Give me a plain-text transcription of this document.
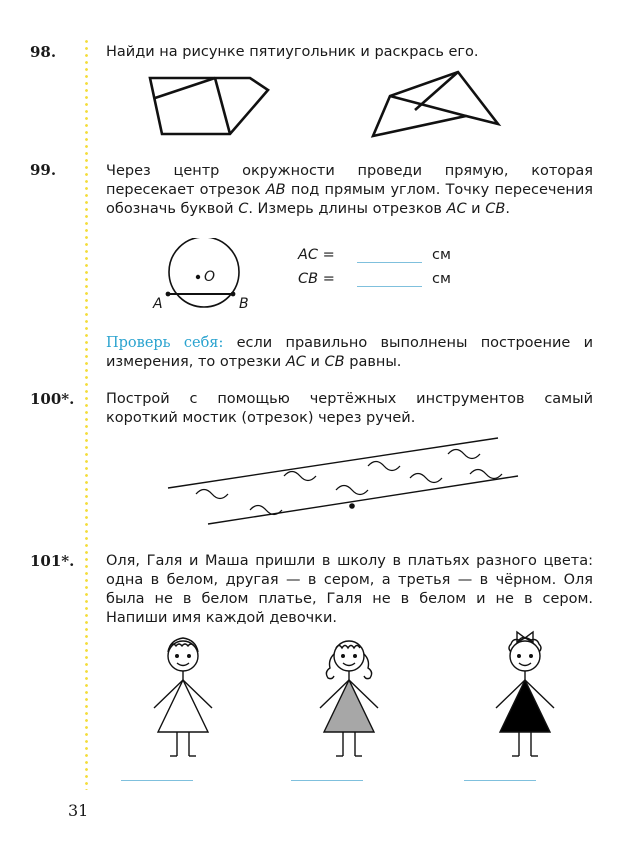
98.	Найди на рисунке пятиугольник и раскрась его.
99.	Через центр окружности проведи прямую, которая пересекает отрезок AB под прямым углом. Точку пересечения обозначь буквой C. Измерь длины отрезков AC и CB.
O
A	B
AC =	см
CB =	см
Проверь себя: если правильно выполнены построение и измерения, то отрезки AC и CB равны.
100*. Построй с помощью чертёжных инструментов самый короткий мостик (отрезок) через ручей.
101*. Оля, Галя и Маша пришли в школу в платьях разного цвета: одна в белом, другая — в сером, а третья — в чёрном. Оля была не в белом платье, Галя не в белом и не в сером. Напиши имя каждой девочки.
31
